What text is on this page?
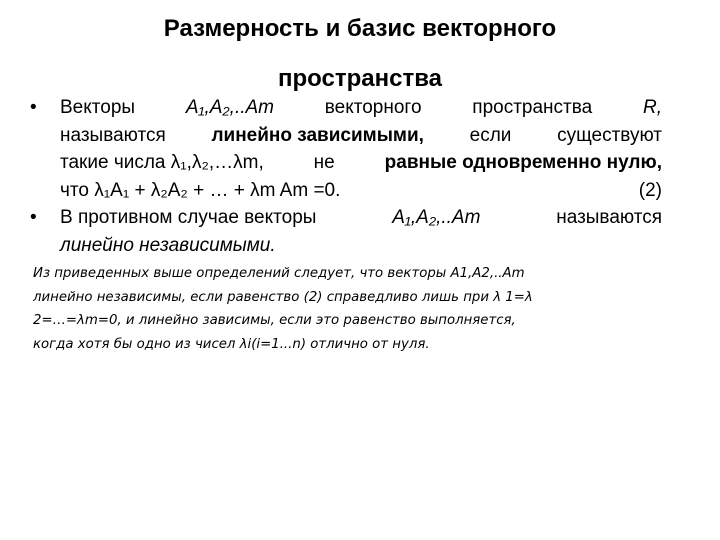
Размерность и базис векторного
пространства
•	Векторы	A₁,A₂,..Am	векторного	пространства	R,
называются линейно зависимыми, если существуют
такие числа λ₁,λ₂,…λm,	не	равные одновременно нулю,
что λ₁A₁ + λ₂A₂ + … + λm Am =0.	(2)
•	В противном случае векторы	A₁,A₂,..Am	называются
линейно независимыми.
Из приведенных выше определений следует, что векторы A1,A2,..Am
линейно независимы, если равенство (2) справедливо лишь при λ 1=λ
2=…=λm=0, и линейно зависимы, если это равенство выполняется,
когда хотя бы одно из чисел λi(i=1...n) отлично от нуля.
